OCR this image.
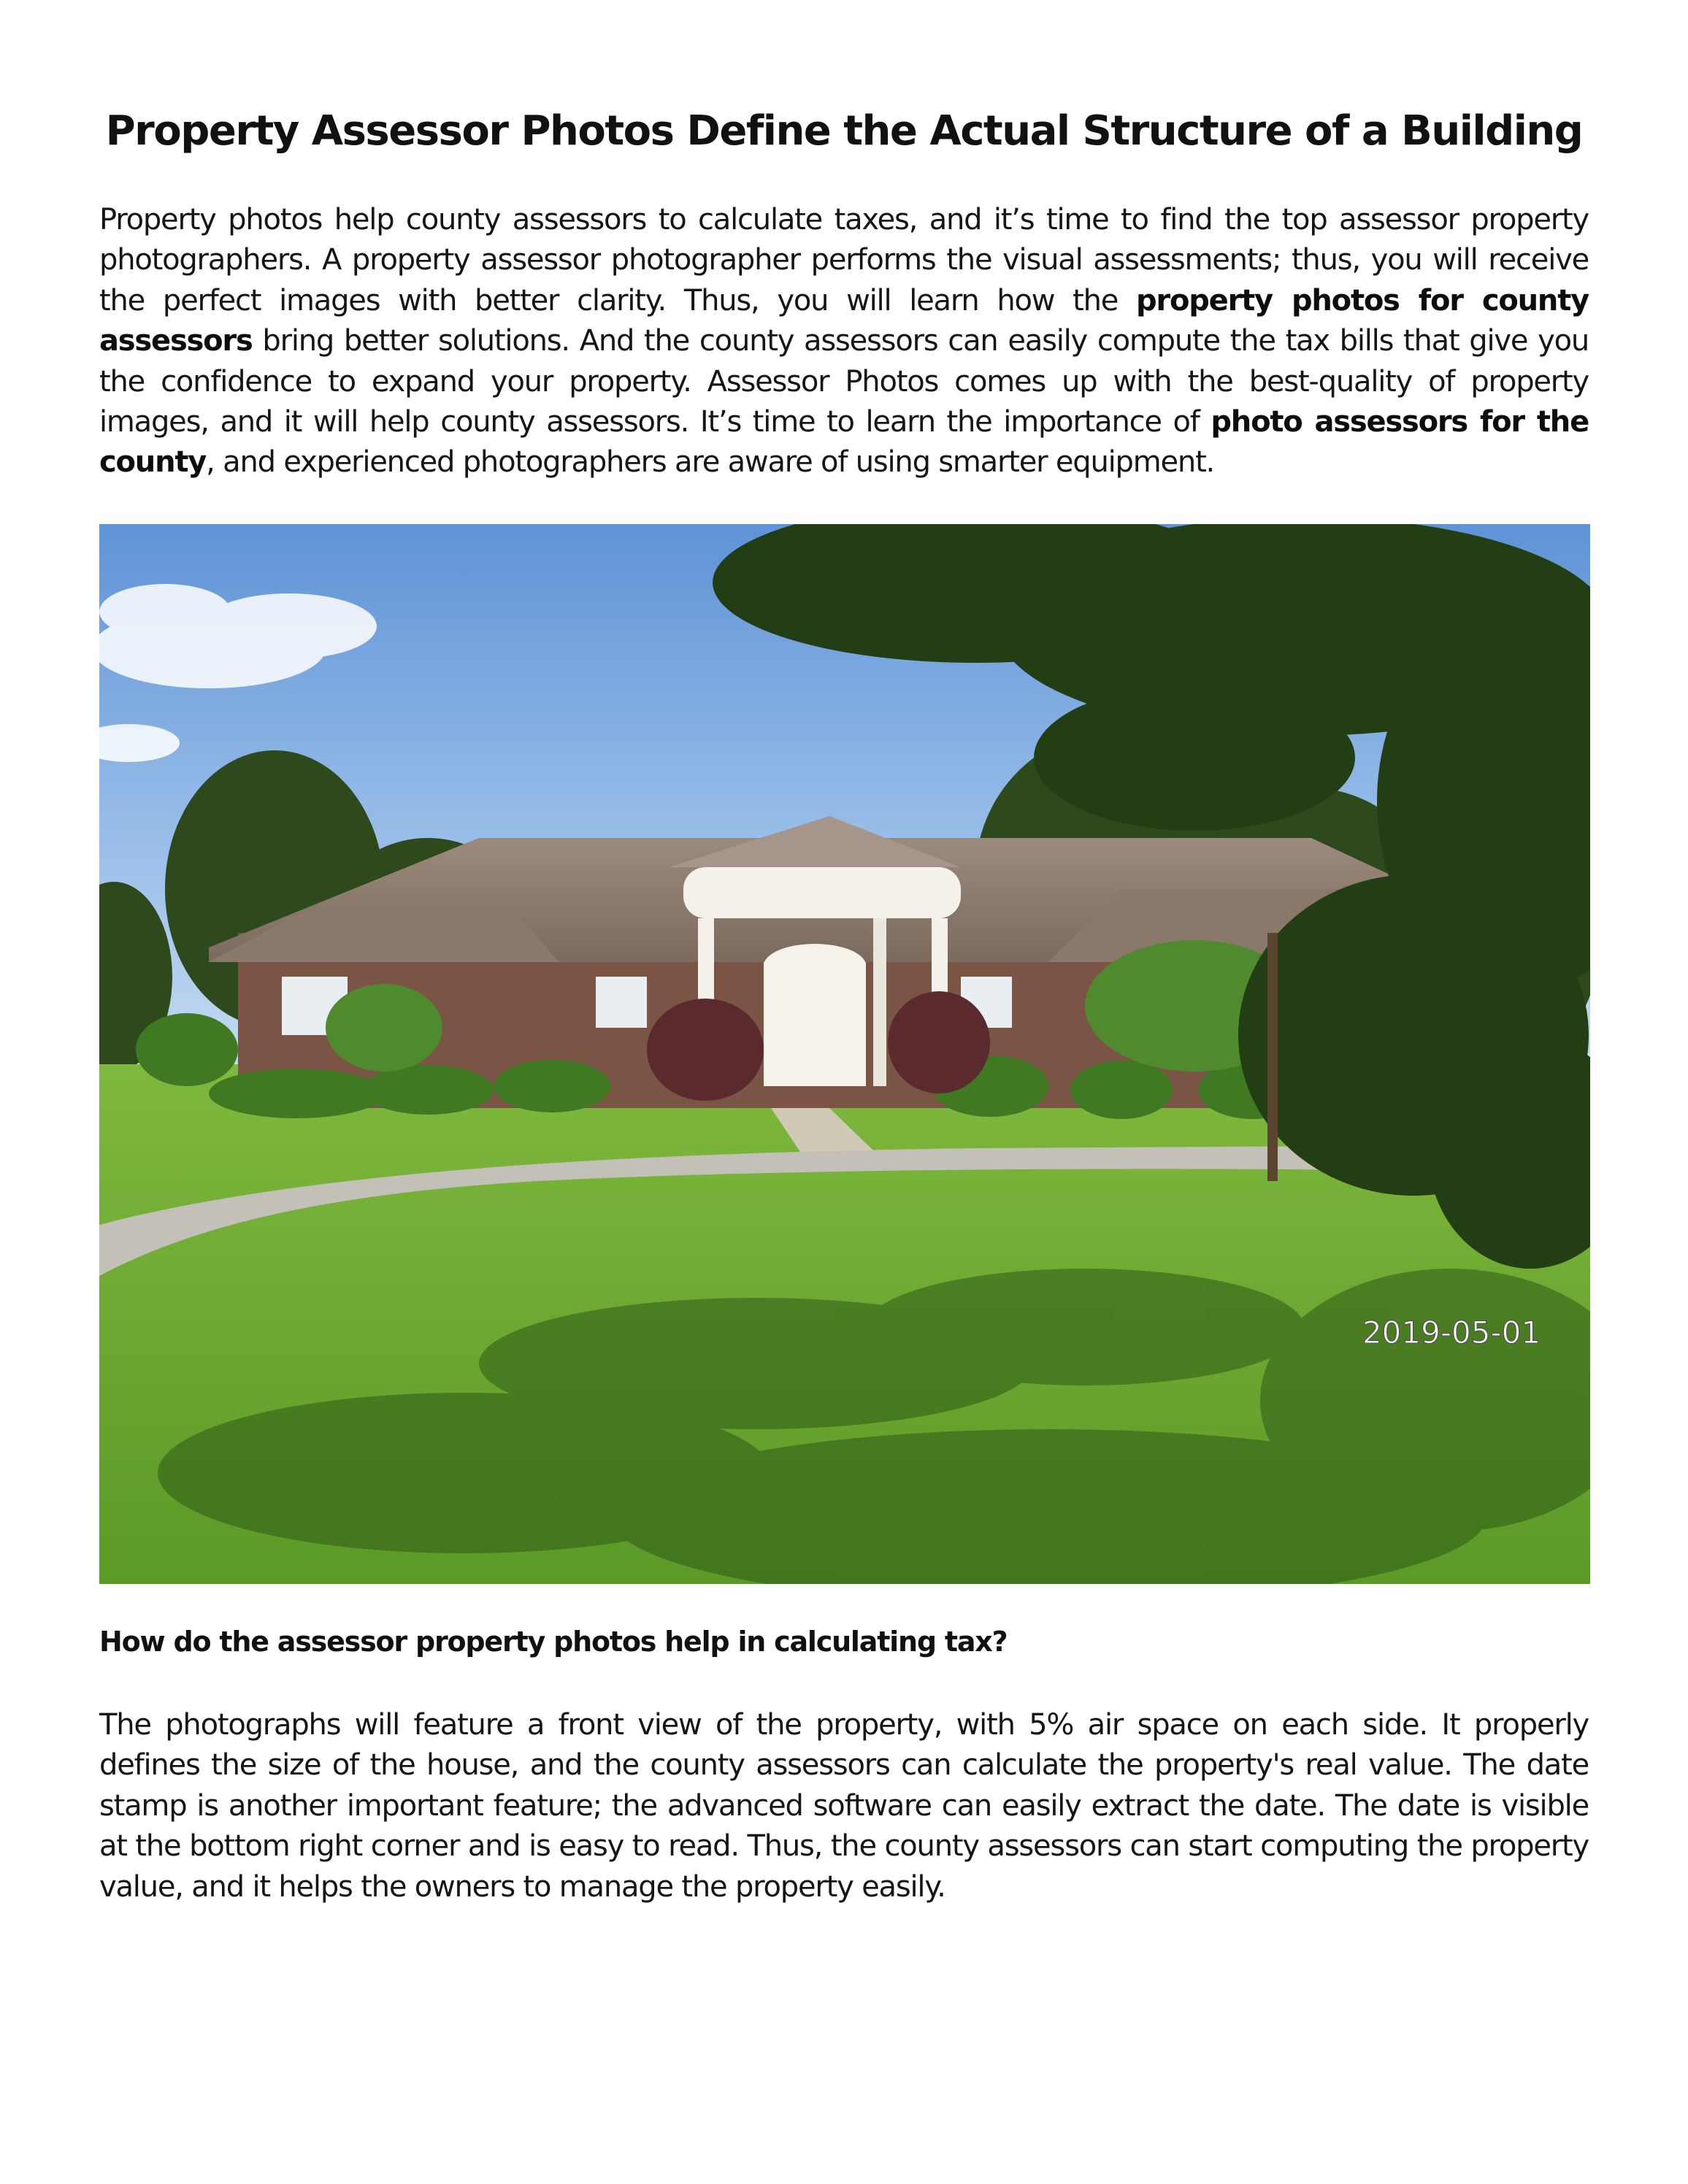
Property Assessor Photos Define the Actual Structure of a Building

Property photos help county assessors to calculate taxes, and it’s time to find the top assessor property photographers. A property assessor photographer performs the visual assessments; thus, you will receive the perfect images with better clarity. Thus, you will learn how the property photos for county assessors bring better solutions. And the county assessors can easily compute the tax bills that give you the confidence to expand your property. Assessor Photos comes up with the best-quality of property images, and it will help county assessors. It’s time to learn the importance of photo assessors for the county, and experienced photographers are aware of using smarter equipment.

2019-05-01
How do the assessor property photos help in calculating tax?

The photographs will feature a front view of the property, with 5% air space on each side. It properly defines the size of the house, and the county assessors can calculate the property's real value. The date stamp is another important feature; the advanced software can easily extract the date. The date is visible at the bottom right corner and is easy to read. Thus, the county assessors can start computing the property value, and it helps the owners to manage the property easily.
